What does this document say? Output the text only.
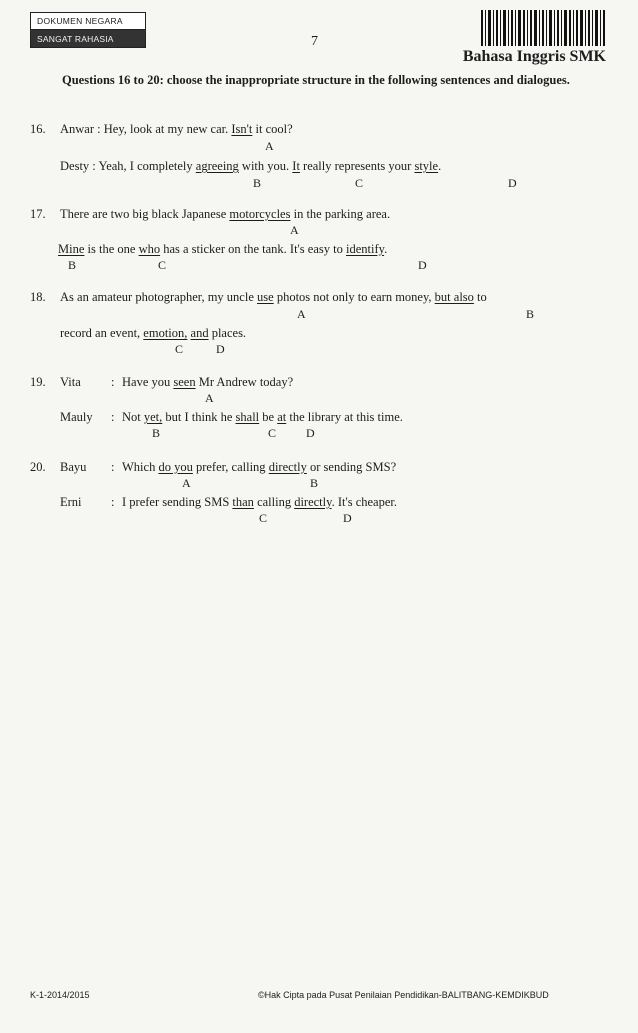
DOKUMEN NEGARA
SANGAT RAHASIA	7
Bahasa Inggris SMK
Questions 16 to 20: choose the inappropriate structure in the following sentences and dialogues.
16. Anwar : Hey, look at my new car. Isn't it cool?
A
Desty : Yeah, I completely agreeing with you. It really represents your style.
B	C	D
17. There are two big black Japanese motorcycles in the parking area.
A
Mine is the one who has a sticker on the tank. It's easy to identify.
B	C	D
18. As an amateur photographer, my uncle use photos not only to earn money, but also to
A	B
record an event, emotion, and places.
C	D
19. Vita : Have you seen Mr Andrew today?
A
Mauly : Not yet, but I think he shall be at the library at this time.
B	C D
20. Bayu : Which do you prefer, calling directly or sending SMS?
A	B
Erni : I prefer sending SMS than calling directly. It's cheaper.
C	D
K-1-2014/2015	©Hak Cipta pada Pusat Penilaian Pendidikan-BALITBANG-KEMDIKBUD
